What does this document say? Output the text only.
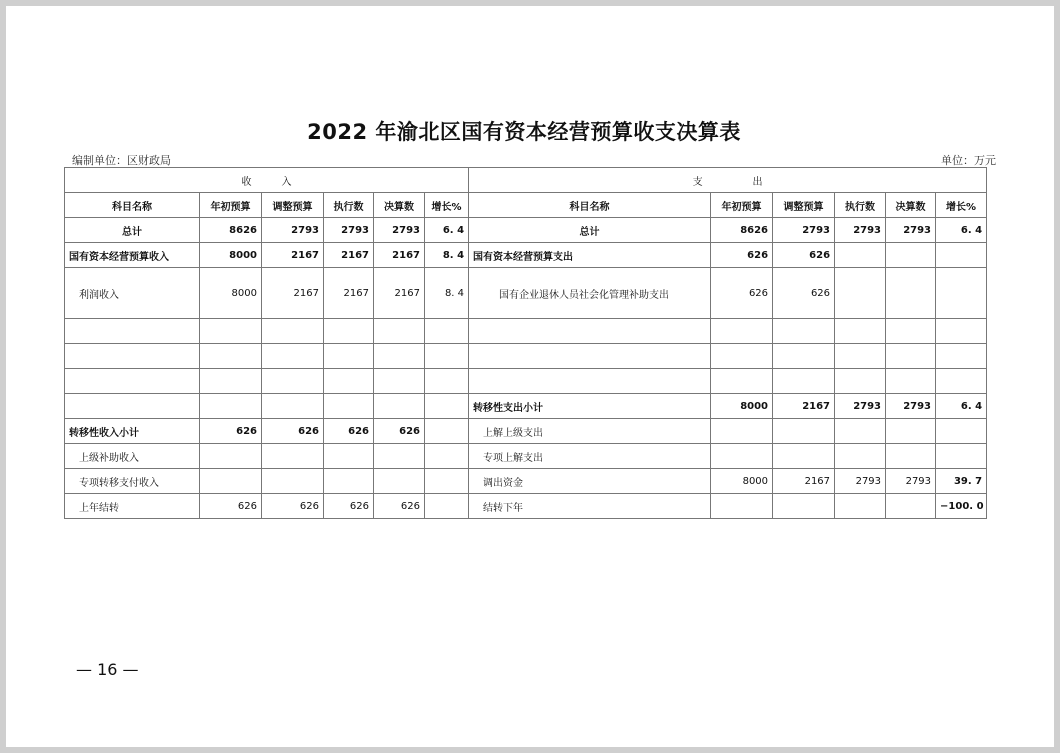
2022 年渝北区国有资本经营预算收支决算表
编制单位：区财政局	单位：万元
收　　　入						支　　　　　出					
科目名称	年初预算	调整预算	执行数	决算数	增长%	科目名称	年初预算	调整预算	执行数	决算数	增长%
总计	8626	2793	2793	2793	6. 4	总计	8626	2793	2793	2793	6. 4
国有资本经营预算收入	8000	2167	2167	2167	8. 4	国有资本经营预算支出	626	626			
利润收入	8000	2167	2167	2167	8. 4	国有企业退休人员社会化管理补助支出	626	626			

						转移性支出小计	8000	2167	2793	2793	6. 4
转移性收入小计	626	626	626	626		上解上级支出					
上级补助收入						专项上解支出					
专项转移支付收入						调出资金	8000	2167	2793	2793	39. 7
上年结转	626	626	626	626		结转下年					−100. 0
— 16 —
